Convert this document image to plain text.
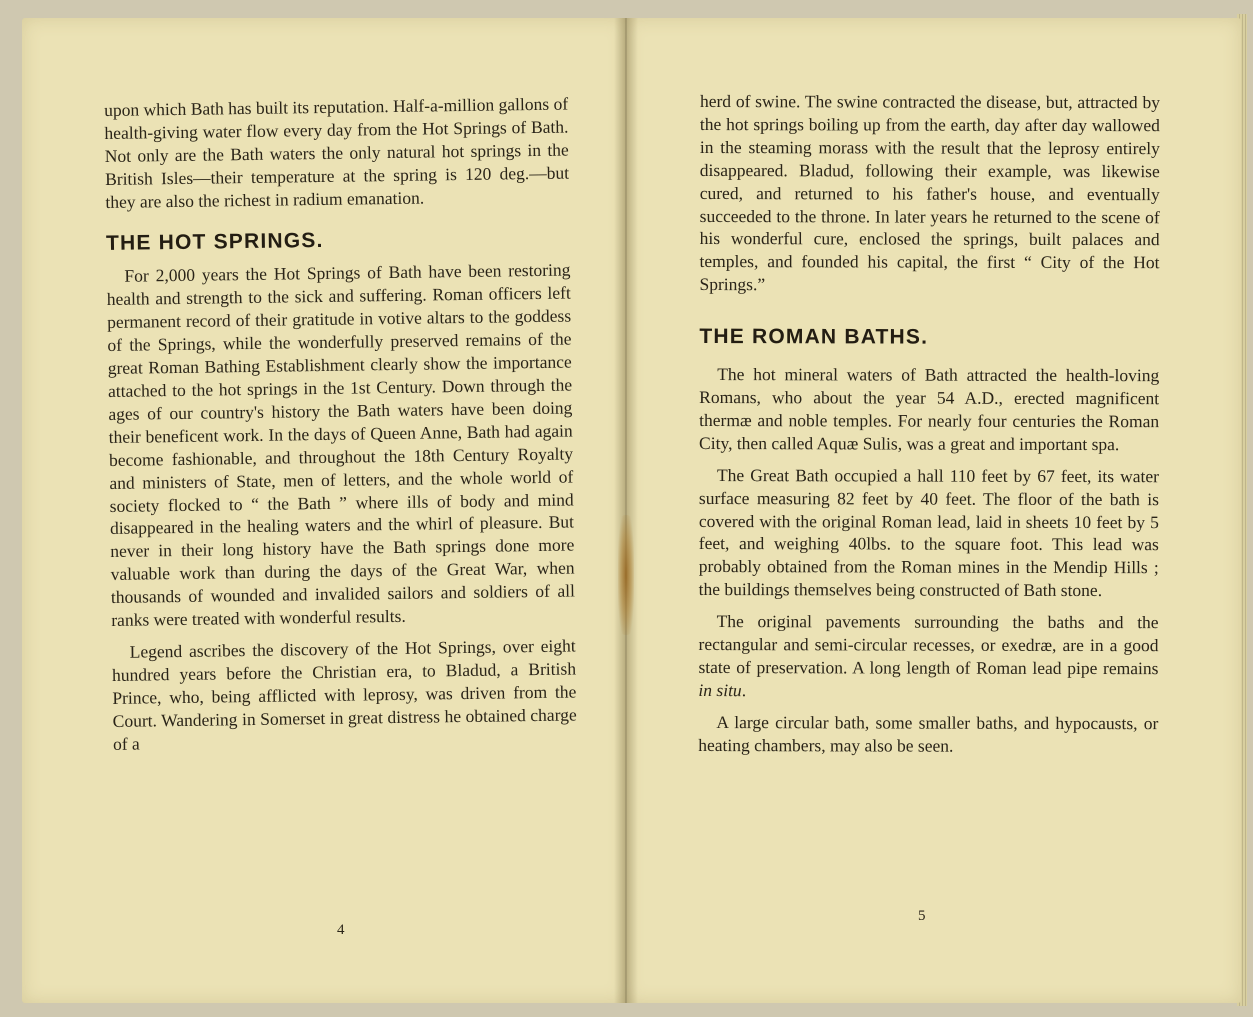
upon which Bath has built its reputation. Half-a-million gallons of health-giving water flow every day from the Hot Springs of Bath. Not only are the Bath waters the only natural hot springs in the British Isles—their temperature at the spring is 120 deg.—but they are also the richest in radium emanation.

THE HOT SPRINGS.

For 2,000 years the Hot Springs of Bath have been restoring health and strength to the sick and suffering. Roman officers left permanent record of their gratitude in votive altars to the goddess of the Springs, while the wonderfully preserved remains of the great Roman Bathing Establishment clearly show the importance attached to the hot springs in the 1st Century. Down through the ages of our country's history the Bath waters have been doing their beneficent work. In the days of Queen Anne, Bath had again become fashionable, and throughout the 18th Century Royalty and ministers of State, men of letters, and the whole world of society flocked to “ the Bath ” where ills of body and mind disappeared in the healing waters and the whirl of pleasure. But never in their long history have the Bath springs done more valuable work than during the days of the Great War, when thousands of wounded and invalided sailors and soldiers of all ranks were treated with wonderful results.

Legend ascribes the discovery of the Hot Springs, over eight hundred years before the Christian era, to Bladud, a British Prince, who, being afflicted with leprosy, was driven from the Court. Wandering in Somerset in great distress he obtained charge of a

4

herd of swine. The swine contracted the disease, but, attracted by the hot springs boiling up from the earth, day after day wallowed in the steaming morass with the result that the leprosy entirely disappeared. Bladud, following their example, was likewise cured, and returned to his father's house, and eventually succeeded to the throne. In later years he returned to the scene of his wonderful cure, enclosed the springs, built palaces and temples, and founded his capital, the first “ City of the Hot Springs.”

THE ROMAN BATHS.

The hot mineral waters of Bath attracted the health-loving Romans, who about the year 54 A.D., erected magnificent thermæ and noble temples. For nearly four centuries the Roman City, then called Aquæ Sulis, was a great and important spa.

The Great Bath occupied a hall 110 feet by 67 feet, its water surface measuring 82 feet by 40 feet. The floor of the bath is covered with the original Roman lead, laid in sheets 10 feet by 5 feet, and weighing 40lbs. to the square foot. This lead was probably obtained from the Roman mines in the Mendip Hills ; the buildings themselves being constructed of Bath stone.

The original pavements surrounding the baths and the rectangular and semi-circular recesses, or exedræ, are in a good state of preservation. A long length of Roman lead pipe remains in situ.

A large circular bath, some smaller baths, and hypocausts, or heating chambers, may also be seen.

5
